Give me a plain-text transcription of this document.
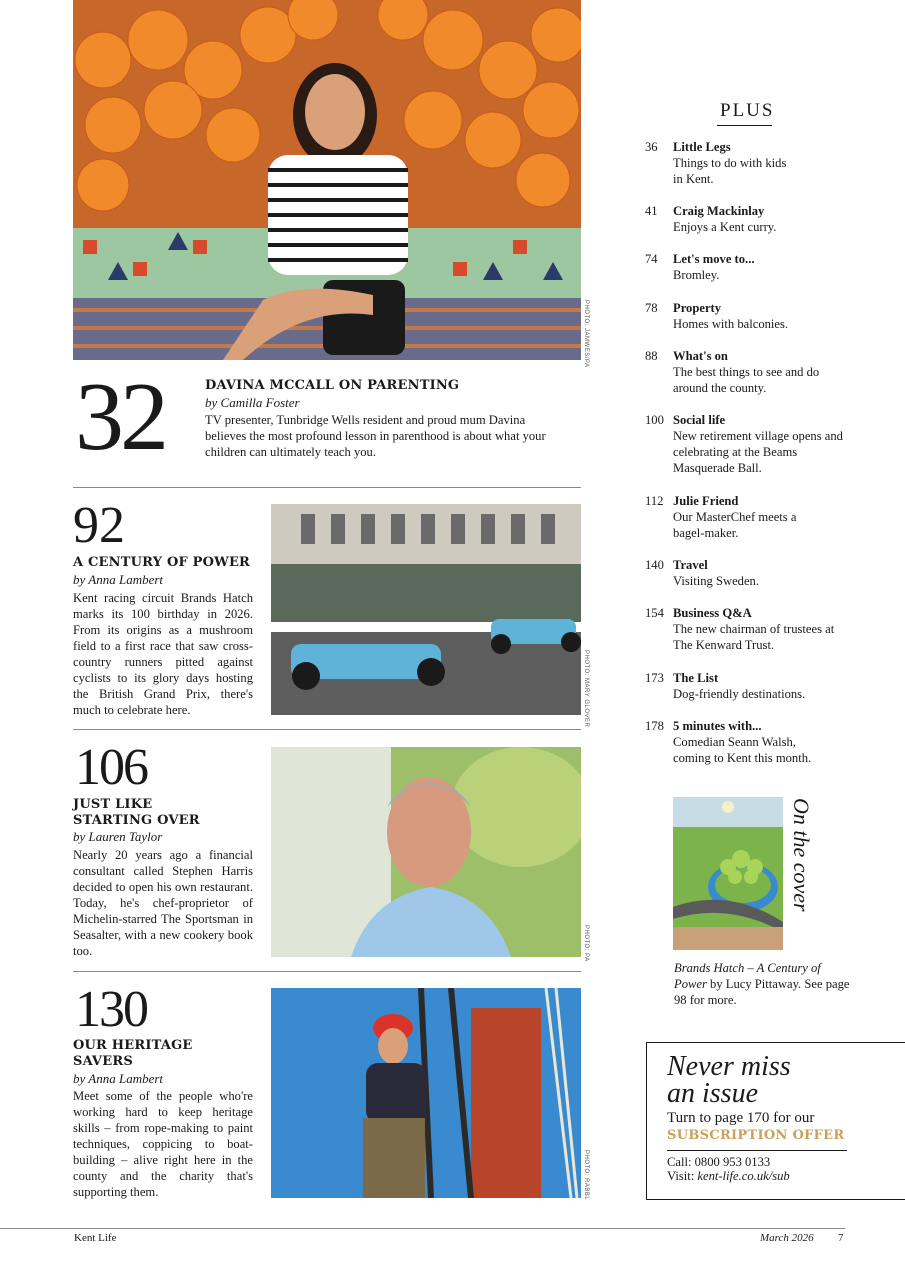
PHOTO: JAMWES/PA
32	DAVINA MCCALL ON PARENTING
by Camilla Foster
TV presenter, Tunbridge Wells resident and proud mum Davina believes the most profound lesson in parenthood is about what your children can ultimately teach you.
92
A CENTURY OF POWER
by Anna Lambert
Kent racing circuit Brands Hatch marks its 100 birthday in 2026. From its origins as a mushroom field to a first race that saw cross-country runners pitted against cyclists to its glory days hosting the British Grand Prix, there's much to celebrate here.	PHOTO: MARY GLOVER
106
JUST LIKE STARTING OVER
by Lauren Taylor
Nearly 20 years ago a financial consultant called Stephen Harris decided to open his own restaurant. Today, he's chef-proprietor of Michelin-starred The Sportsman in Seasalter, with a new cookery book too.	PHOTO: PA
130
OUR HERITAGE SAVERS
by Anna Lambert
Meet some of the people who're working hard to keep heritage skills – from rope-making to paint techniques, coppicing to boat-building – alive right here in the county and the charity that's supporting them.	PHOTO: RABBL
PLUS
36	Little Legs
Things to do with kids in Kent.
41	Craig Mackinlay
Enjoys a Kent curry.
74	Let's move to...
Bromley.
78	Property
Homes with balconies.
88	What's on
The best things to see and do around the county.
100 Social life
New retirement village opens and celebrating at the Beams Masquerade Ball.
112 Julie Friend
Our MasterChef meets a bagel-maker.
140 Travel
Visiting Sweden.
154 Business Q&A
The new chairman of trustees at The Kenward Trust.
173 The List
Dog-friendly destinations.
178 5 minutes with...
Comedian Seann Walsh, coming to Kent this month.
On the cover
Brands Hatch – A Century of Power by Lucy Pittaway. See page 98 for more.
Never miss
an issue
Turn to page 170 for our
SUBSCRIPTION OFFER
Call: 0800 953 0133
Visit: kent-life.co.uk/sub
Kent Life	March 2026 7
